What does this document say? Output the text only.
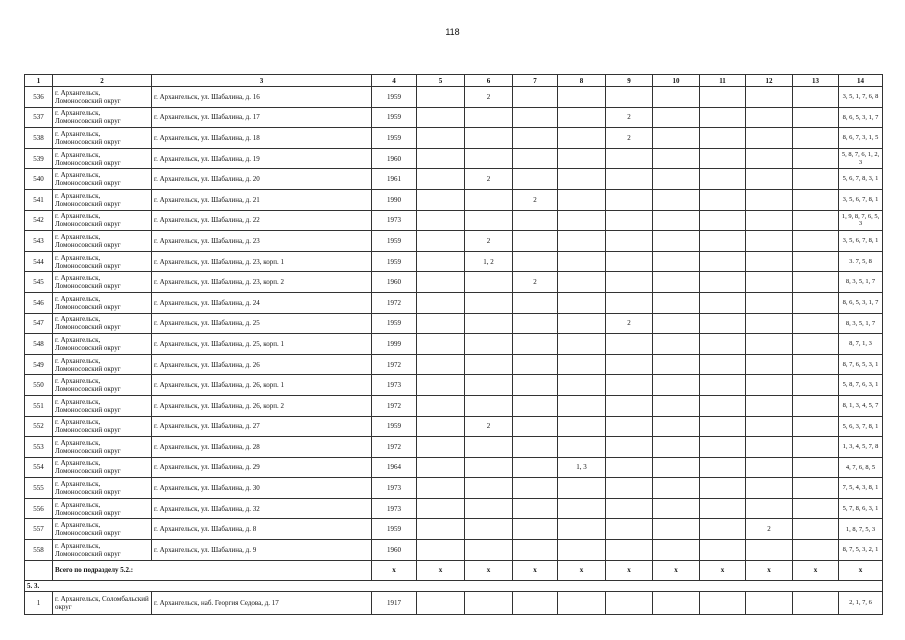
118
1	2	3	4	5	6	7	8	9	10	11	12	13	14
536	г. Архангельск, Ломоносовский округ	г. Архангельск, ул. Шабалина, д. 16	1959		2								3, 5, 1, 7, 6, 8
537	г. Архангельск, Ломоносовский округ	г. Архангельск, ул. Шабалина, д. 17	1959					2					8, 6, 5, 3, 1, 7
538	г. Архангельск, Ломоносовский округ	г. Архангельск, ул. Шабалина, д. 18	1959					2					8, 6, 7, 3, 1, 5
539	г. Архангельск, Ломоносовский округ	г. Архангельск, ул. Шабалина, д. 19	1960										5, 8, 7, 6, 1, 2, 3
540	г. Архангельск, Ломоносовский округ	г. Архангельск, ул. Шабалина, д. 20	1961		2								5, 6, 7, 8, 3, 1
541	г. Архангельск, Ломоносовский округ	г. Архангельск, ул. Шабалина, д. 21	1990			2							3, 5, 6, 7, 8, 1
542	г. Архангельск, Ломоносовский округ	г. Архангельск, ул. Шабалина, д. 22	1973										1, 9, 8, 7, 6, 5, 3
543	г. Архангельск, Ломоносовский округ	г. Архангельск, ул. Шабалина, д. 23	1959		2								3, 5, 6, 7, 8, 1
544	г. Архангельск, Ломоносовский округ	г. Архангельск, ул. Шабалина, д. 23, корп. 1	1959		1, 2								3. 7, 5, 8
545	г. Архангельск, Ломоносовский округ	г. Архангельск, ул. Шабалина, д. 23, корп. 2	1960			2							8, 3, 5, 1, 7
546	г. Архангельск, Ломоносовский округ	г. Архангельск, ул. Шабалина, д. 24	1972										8, 6, 5, 3, 1, 7
547	г. Архангельск, Ломоносовский округ	г. Архангельск, ул. Шабалина, д. 25	1959					2					8, 3, 5, 1, 7
548	г. Архангельск, Ломоносовский округ	г. Архангельск, ул. Шабалина, д. 25, корп. 1	1999										8, 7, 1, 3
549	г. Архангельск, Ломоносовский округ	г. Архангельск, ул. Шабалина, д. 26	1972										8, 7, 6, 5, 3, 1
550	г. Архангельск, Ломоносовский округ	г. Архангельск, ул. Шабалина, д. 26, корп. 1	1973										5, 8, 7, 6, 3, 1
551	г. Архангельск, Ломоносовский округ	г. Архангельск, ул. Шабалина, д. 26, корп. 2	1972										8, 1, 3, 4, 5, 7
552	г. Архангельск, Ломоносовский округ	г. Архангельск, ул. Шабалина, д. 27	1959		2								5, 6, 3, 7, 8, 1
553	г. Архангельск, Ломоносовский округ	г. Архангельск, ул. Шабалина, д. 28	1972										1, 3, 4, 5, 7, 8
554	г. Архангельск, Ломоносовский округ	г. Архангельск, ул. Шабалина, д. 29	1964				1, 3						4, 7, 6, 8, 5
555	г. Архангельск, Ломоносовский округ	г. Архангельск, ул. Шабалина, д. 30	1973										7, 5, 4, 3, 8, 1
556	г. Архангельск, Ломоносовский округ	г. Архангельск, ул. Шабалина, д. 32	1973										5, 7, 8, 6, 3, 1
557	г. Архангельск, Ломоносовский округ	г. Архангельск, ул. Шабалина, д. 8	1959								2		1, 8, 7, 5, 3
558	г. Архангельск, Ломоносовский округ	г. Архангельск, ул. Шабалина, д. 9	1960										8, 7, 5, 3, 2, 1
	Всего по подразделу 5.2.:		x	x	x	x	x	x	x	x	x	x	x
5. 3.													
1	г. Архангельск, Соломбальский округ	г. Архангельск, наб. Георгия Седова, д. 17	1917										2, 1, 7, 6
